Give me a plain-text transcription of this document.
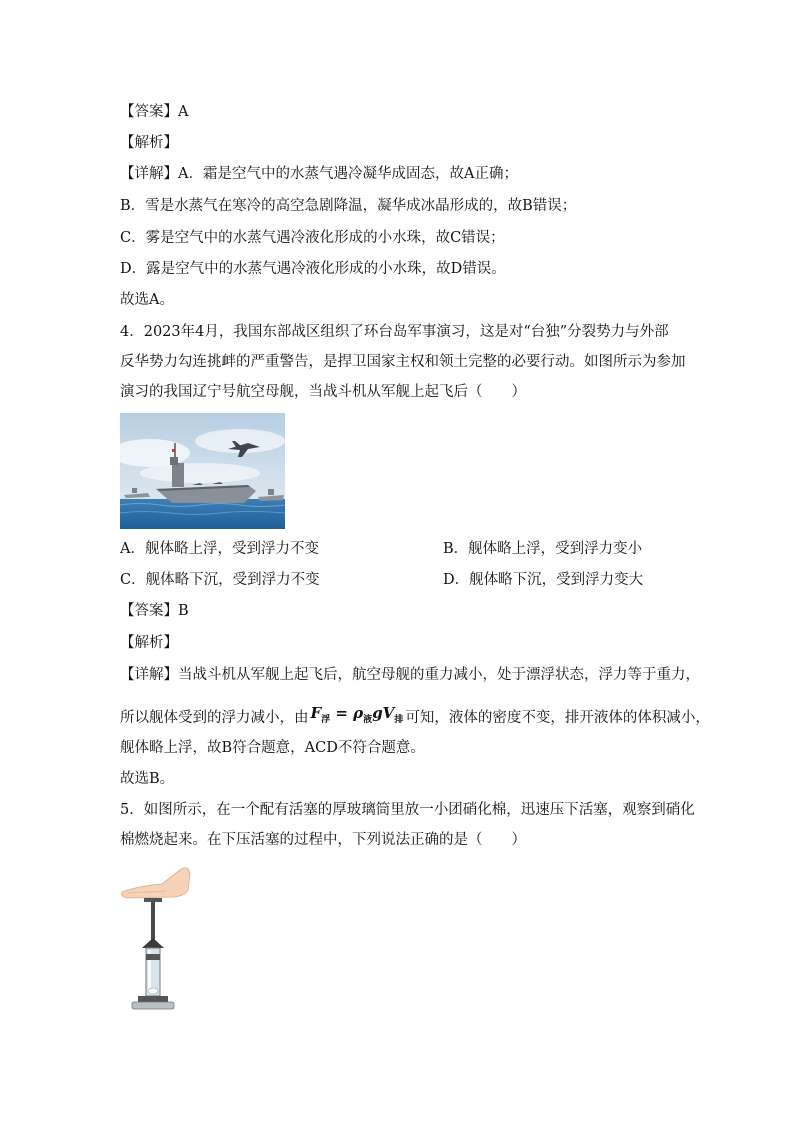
【答案】A
【解析】
【详解】A．霜是空气中的水蒸气遇冷凝华成固态，故A正确；
B．雪是水蒸气在寒冷的高空急剧降温，凝华成冰晶形成的，故B错误；
C．雾是空气中的水蒸气遇冷液化形成的小水珠，故C错误；
D．露是空气中的水蒸气遇冷液化形成的小水珠，故D错误。
故选A。
4．2023年4月，我国东部战区组织了环台岛军事演习，这是对“台独”分裂势力与外部
反华势力勾连挑衅的严重警告，是捍卫国家主权和领土完整的必要行动。如图所示为参加
演习的我国辽宁号航空母舰，当战斗机从军舰上起飞后（　　）
A．舰体略上浮，受到浮力不变	B．舰体略上浮，受到浮力变小
C．舰体略下沉，受到浮力不变	D．舰体略下沉，受到浮力变大
【答案】B
【解析】
【详解】当战斗机从军舰上起飞后，航空母舰的重力减小，处于漂浮状态，浮力等于重力，
所以舰体受到的浮力减小，由 $F_浮 = \rho_液gV_排$ 可知，液体的密度不变，排开液体的体积减小，
舰体略上浮，故B符合题意，ACD不符合题意。
故选B。
5．如图所示，在一个配有活塞的厚玻璃筒里放一小团硝化棉，迅速压下活塞，观察到硝化
棉燃烧起来。在下压活塞的过程中，下列说法正确的是（　　）
